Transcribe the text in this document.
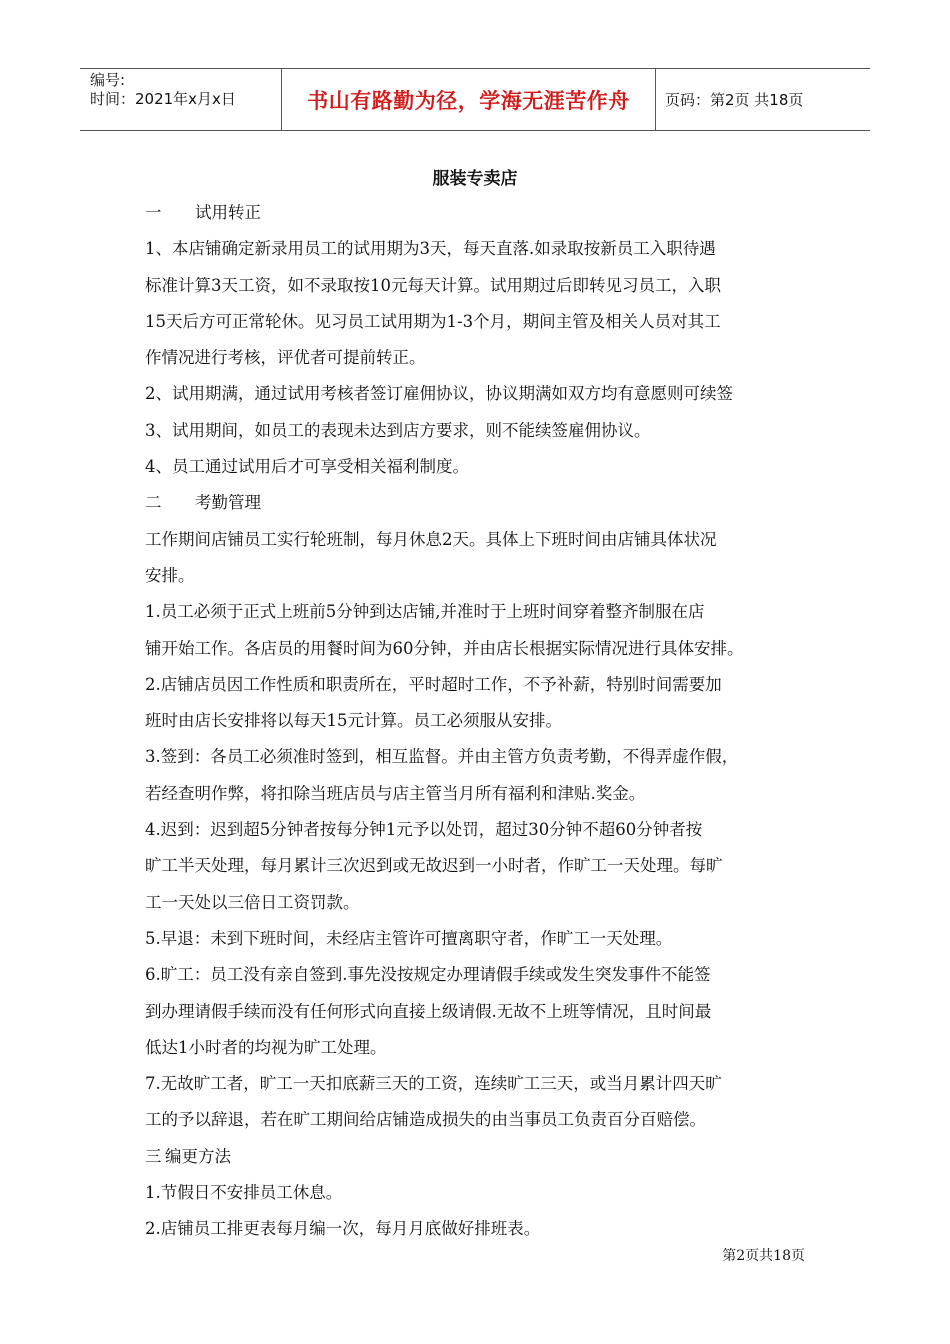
编号:
时间：2021年x月x日	书山有路勤为径，学海无涯苦作舟	页码：第2页 共18页
服装专卖店
一	试用转正
1、本店铺确定新录用员工的试用期为3天，每天直落.如录取按新员工入职待遇
标准计算3天工资，如不录取按10元每天计算。试用期过后即转见习员工，入职
15天后方可正常轮休。见习员工试用期为1-3个月，期间主管及相关人员对其工
作情况进行考核，评优者可提前转正。
2、试用期满，通过试用考核者签订雇佣协议，协议期满如双方均有意愿则可续签
3、试用期间，如员工的表现未达到店方要求，则不能续签雇佣协议。
4、员工通过试用后才可享受相关福利制度。
二	考勤管理
工作期间店铺员工实行轮班制，每月休息2天。具体上下班时间由店铺具体状况
安排。
1.员工必须于正式上班前5分钟到达店铺,并准时于上班时间穿着整齐制服在店
铺开始工作。各店员的用餐时间为60分钟，并由店长根据实际情况进行具体安排。
2.店铺店员因工作性质和职责所在，平时超时工作，不予补薪，特别时间需要加
班时由店长安排将以每天15元计算。员工必须服从安排。
3.签到：各员工必须准时签到，相互监督。并由主管方负责考勤，不得弄虚作假，
若经查明作弊，将扣除当班店员与店主管当月所有福利和津贴.奖金。
4.迟到：迟到超5分钟者按每分钟1元予以处罚，超过30分钟不超60分钟者按
旷工半天处理，每月累计三次迟到或无故迟到一小时者，作旷工一天处理。每旷
工一天处以三倍日工资罚款。
5.早退：未到下班时间，未经店主管许可擅离职守者，作旷工一天处理。
6.旷工：员工没有亲自签到.事先没按规定办理请假手续或发生突发事件不能签
到办理请假手续而没有任何形式向直接上级请假.无故不上班等情况，且时间最
低达1小时者的均视为旷工处理。
7.无故旷工者，旷工一天扣底薪三天的工资，连续旷工三天，或当月累计四天旷
工的予以辞退，若在旷工期间给店铺造成损失的由当事员工负责百分百赔偿。
三 编更方法
1.节假日不安排员工休息。
2.店铺员工排更表每月编一次，每月月底做好排班表。
第2页共18页
